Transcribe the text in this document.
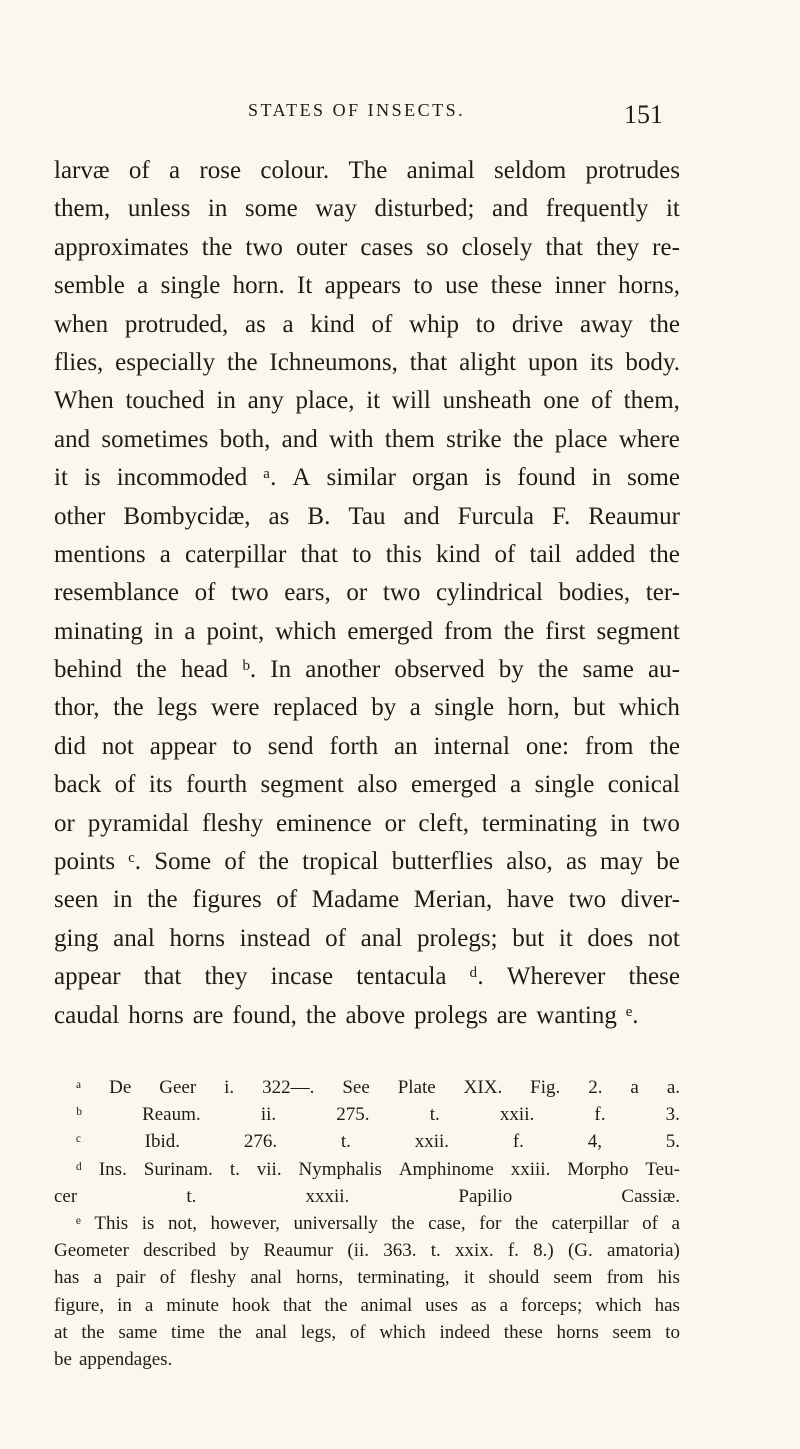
STATES OF INSECTS.	151
larvæ of a rose colour. The animal seldom protrudes
them, unless in some way disturbed; and frequently it
approximates the two outer cases so closely that they re-
semble a single horn. It appears to use these inner horns,
when protruded, as a kind of whip to drive away the
flies, especially the Ichneumons, that alight upon its body.
When touched in any place, it will unsheath one of them,
and sometimes both, and with them strike the place where
it is incommoded ᵃ. A similar organ is found in some
other Bombycidæ, as B. Tau and Furcula F. Reaumur
mentions a caterpillar that to this kind of tail added the
resemblance of two ears, or two cylindrical bodies, ter-
minating in a point, which emerged from the first segment
behind the head ᵇ. In another observed by the same au-
thor, the legs were replaced by a single horn, but which
did not appear to send forth an internal one: from the
back of its fourth segment also emerged a single conical
or pyramidal fleshy eminence or cleft, terminating in two
points ᶜ. Some of the tropical butterflies also, as may be
seen in the figures of Madame Merian, have two diver-
ging anal horns instead of anal prolegs; but it does not
appear that they incase tentacula ᵈ. Wherever these
caudal horns are found, the above prolegs are wanting ᵉ.
ᵃ De Geer i. 322—. See Plate XIX. Fig. 2. a a.
ᵇ	Reaum.	ii.	275.	t.	xxii.	f.	3.
ᶜ	Ibid.	276.	t.	xxii.	f.	4,	5.
ᵈ Ins. Surinam. t. vii. Nymphalis Amphinome xxiii. Morpho Teu-
cer	t.	xxxii.	Papilio	Cassiæ.
ᵉ This is not, however, universally the case, for the caterpillar of a
Geometer described by Reaumur (ii. 363. t. xxix. f. 8.) (G. amatoria)
has a pair of fleshy anal horns, terminating, it should seem from his
figure, in a minute hook that the animal uses as a forceps; which has
at the same time the anal legs, of which indeed these horns seem to
be appendages.
